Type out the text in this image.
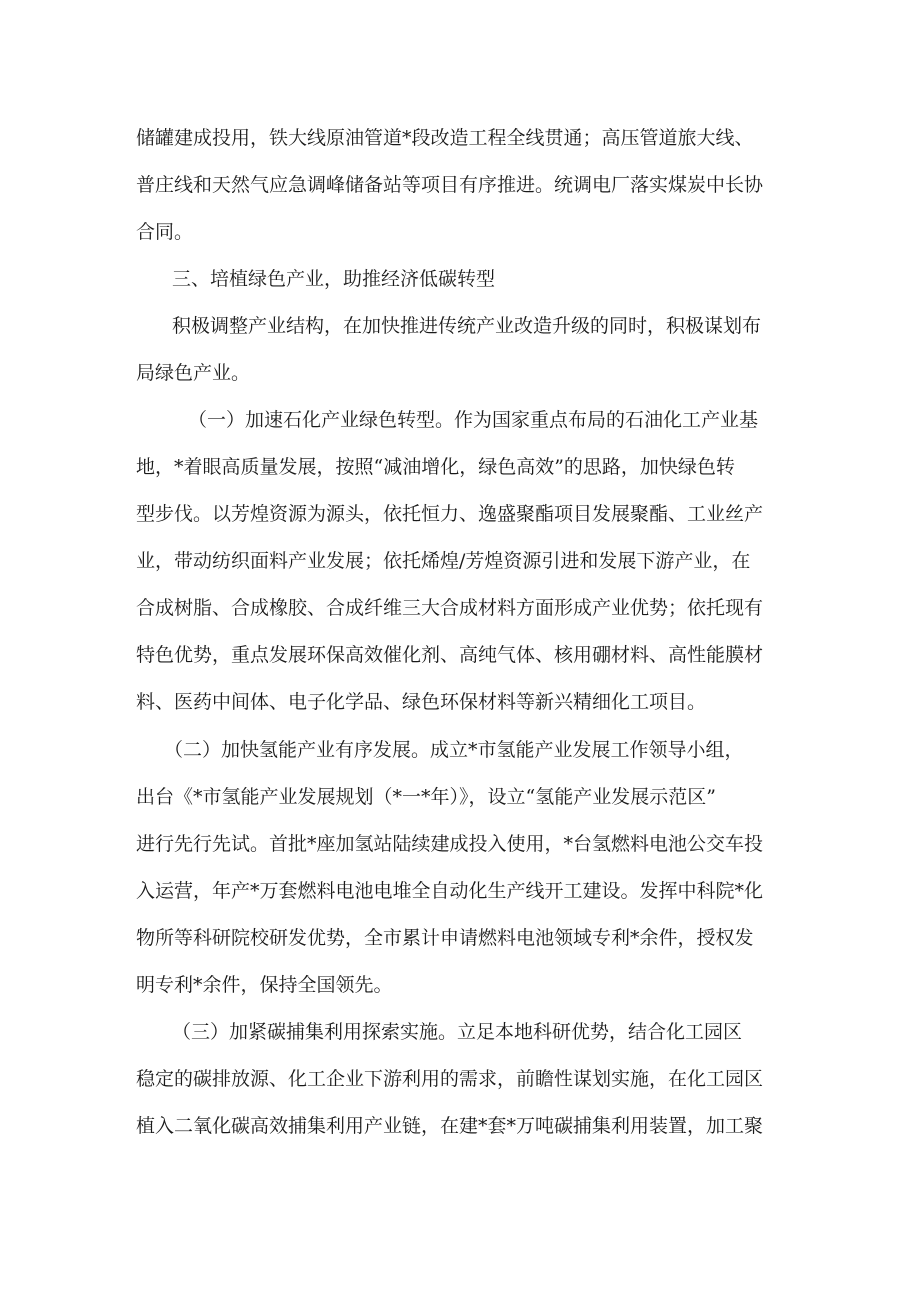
储罐建成投用，铁大线原油管道*段改造工程全线贯通；高压管道旅大线、
普庄线和天然气应急调峰储备站等项目有序推进。统调电厂落实煤炭中长协
合同。
三、培植绿色产业，助推经济低碳转型
积极调整产业结构，在加快推进传统产业改造升级的同时，积极谋划布
局绿色产业。
（一）加速石化产业绿色转型。作为国家重点布局的石油化工产业基
地，*着眼高质量发展，按照“减油增化，绿色高效”的思路，加快绿色转
型步伐。以芳煌资源为源头，依托恒力、逸盛聚酯项目发展聚酯、工业丝产
业，带动纺织面料产业发展；依托烯煌/芳煌资源引进和发展下游产业，在
合成树脂、合成橡胶、合成纤维三大合成材料方面形成产业优势；依托现有
特色优势，重点发展环保高效催化剂、高纯气体、核用硼材料、高性能膜材
料、医药中间体、电子化学品、绿色环保材料等新兴精细化工项目。
（二）加快氢能产业有序发展。成立*市氢能产业发展工作领导小组，
出台《*市氢能产业发展规划（*一*年）》，设立“氢能产业发展示范区”
进行先行先试。首批*座加氢站陆续建成投入使用，*台氢燃料电池公交车投
入运营，年产*万套燃料电池电堆全自动化生产线开工建设。发挥中科院*化
物所等科研院校研发优势，全市累计申请燃料电池领域专利*余件，授权发
明专利*余件，保持全国领先。
（三）加紧碳捕集利用探索实施。立足本地科研优势，结合化工园区
稳定的碳排放源、化工企业下游利用的需求，前瞻性谋划实施，在化工园区
植入二氧化碳高效捕集利用产业链，在建*套*万吨碳捕集利用装置，加工聚
